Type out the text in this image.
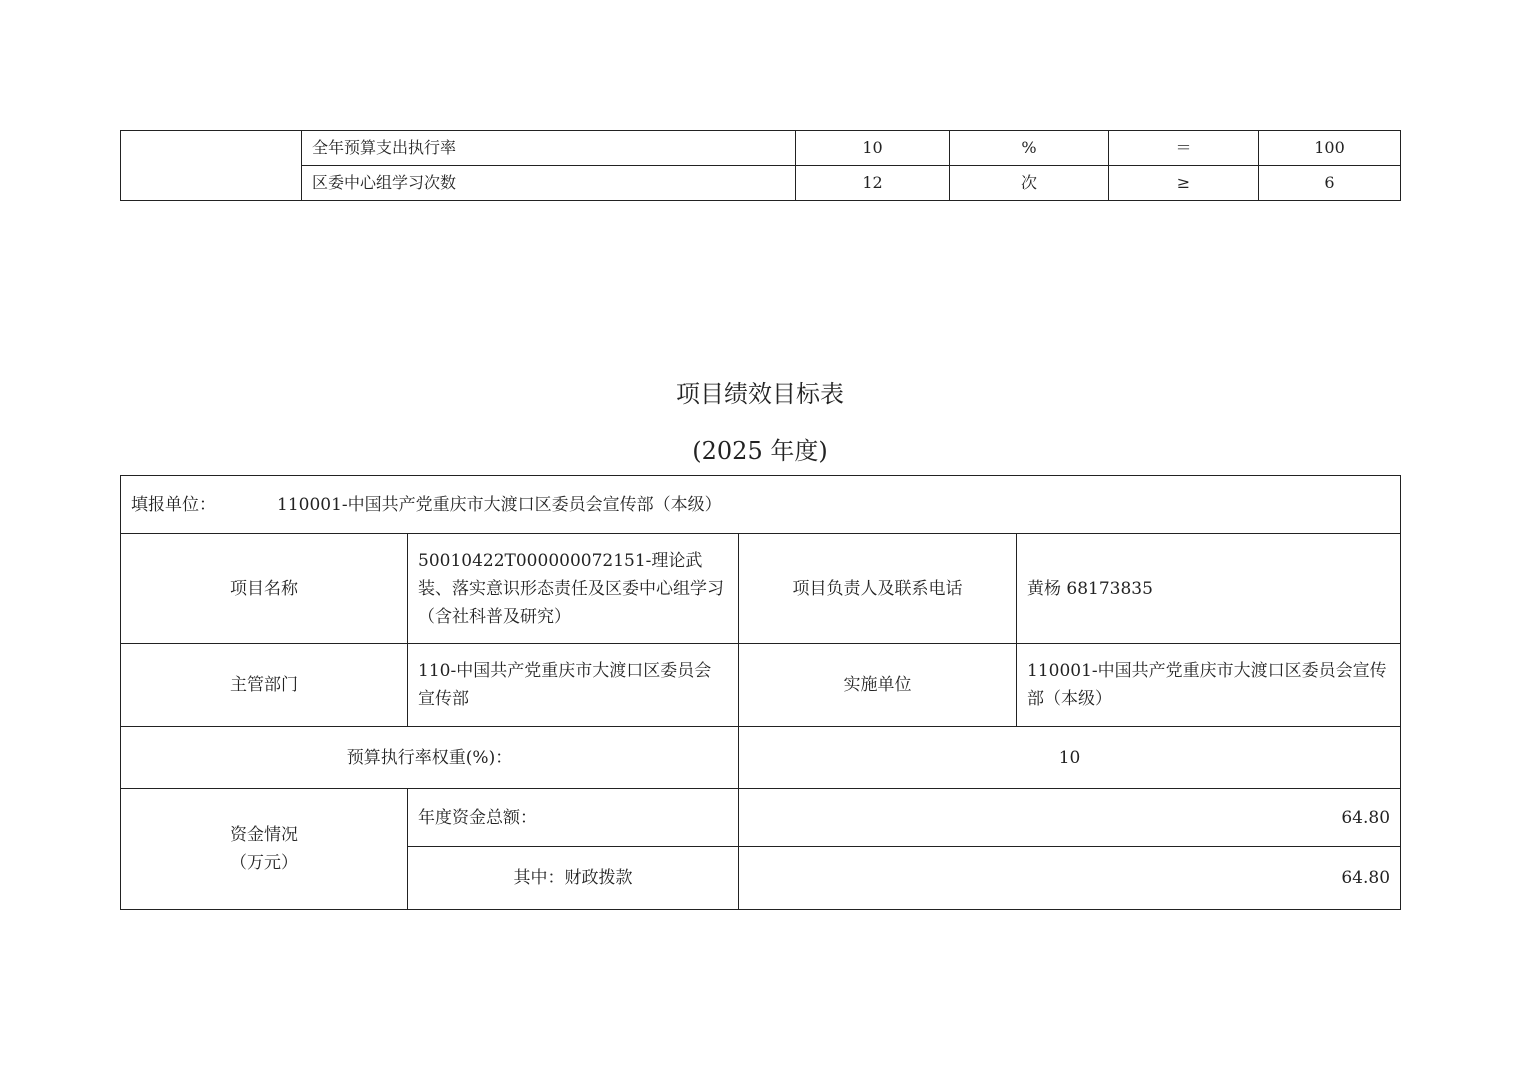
	全年预算支出执行率	10	%	＝	100
	区委中心组学习次数	12	次	≥	6
项目绩效目标表
(2025 年度)
填报单位： 110001-中国共产党重庆市大渡口区委员会宣传部（本级）			
项目名称	50010422T000000072151-理论武装、落实意识形态责任及区委中心组学习（含社科普及研究）	项目负责人及联系电话	黄杨 68173835
主管部门	110-中国共产党重庆市大渡口区委员会宣传部	实施单位	110001-中国共产党重庆市大渡口区委员会宣传部（本级）
预算执行率权重(%)：		10	

资金情况
（万元）	年度资金总额：	64.80	
	其中：财政拨款	64.80	
